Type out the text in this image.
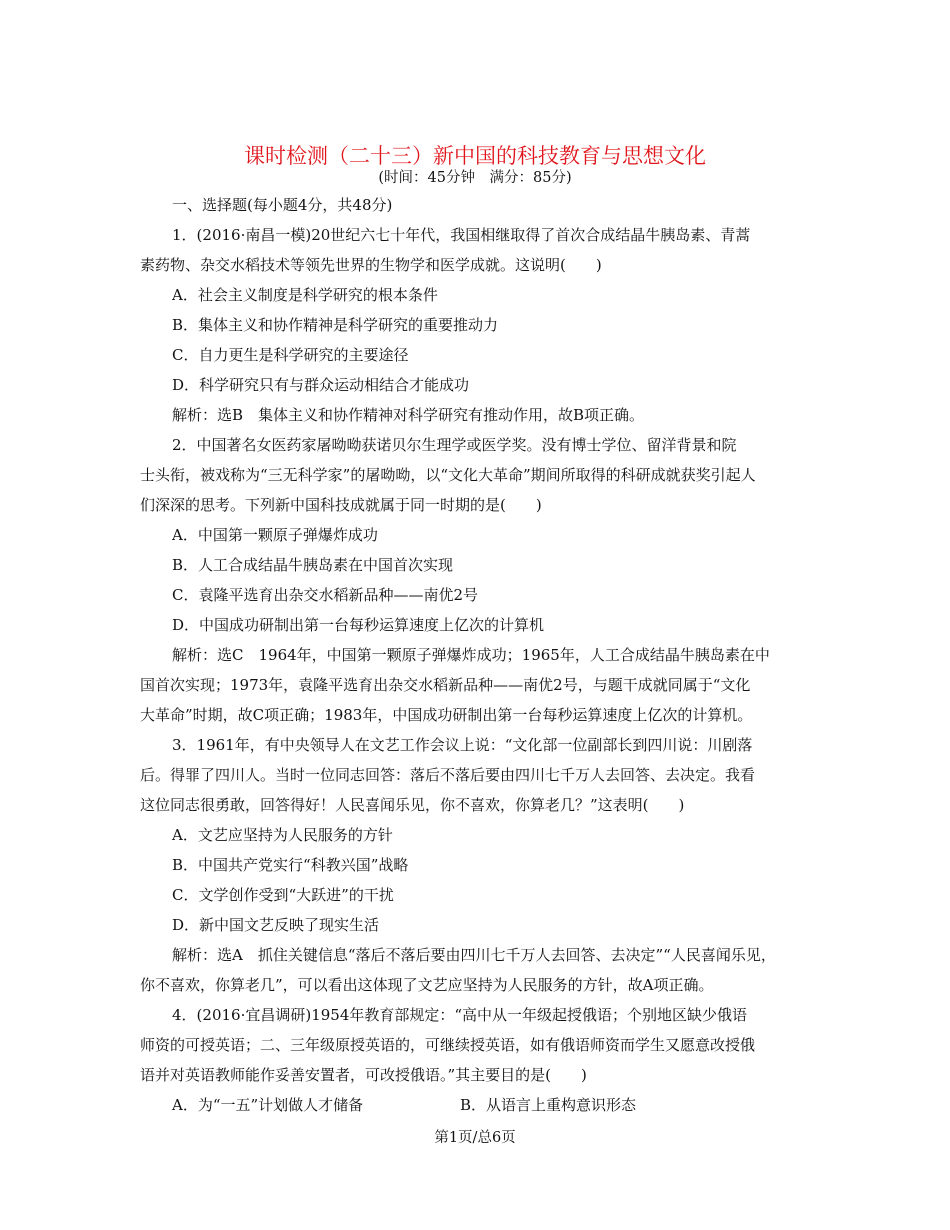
课时检测（二十三）新中国的科技教育与思想文化
(时间：45分钟　满分：85分)

一、选择题(每小题4分，共48分)

1．(2016·南昌一模)20世纪六七十年代，我国相继取得了首次合成结晶牛胰岛素、青蒿

素药物、杂交水稻技术等领先世界的生物学和医学成就。这说明(　　)

A．社会主义制度是科学研究的根本条件

B．集体主义和协作精神是科学研究的重要推动力

C．自力更生是科学研究的主要途径

D．科学研究只有与群众运动相结合才能成功

解析：选B　集体主义和协作精神对科学研究有推动作用，故B项正确。

2．中国著名女医药家屠呦呦获诺贝尔生理学或医学奖。没有博士学位、留洋背景和院

士头衔，被戏称为“三无科学家”的屠呦呦，以“文化大革命”期间所取得的科研成就获奖引起人

们深深的思考。下列新中国科技成就属于同一时期的是(　　)

A．中国第一颗原子弹爆炸成功

B．人工合成结晶牛胰岛素在中国首次实现

C．袁隆平选育出杂交水稻新品种——南优2号

D．中国成功研制出第一台每秒运算速度上亿次的计算机

解析：选C　1964年，中国第一颗原子弹爆炸成功；1965年，人工合成结晶牛胰岛素在中

国首次实现；1973年，袁隆平选育出杂交水稻新品种——南优2号，与题干成就同属于“文化

大革命”时期，故C项正确；1983年，中国成功研制出第一台每秒运算速度上亿次的计算机。

3．1961年，有中央领导人在文艺工作会议上说：“文化部一位副部长到四川说：川剧落

后。得罪了四川人。当时一位同志回答：落后不落后要由四川七千万人去回答、去决定。我看

这位同志很勇敢，回答得好！人民喜闻乐见，你不喜欢，你算老几？”这表明(　　)

A．文艺应坚持为人民服务的方针

B．中国共产党实行“科教兴国”战略

C．文学创作受到“大跃进”的干扰

D．新中国文艺反映了现实生活

解析：选A　抓住关键信息“落后不落后要由四川七千万人去回答、去决定”“人民喜闻乐见，

你不喜欢，你算老几”，可以看出这体现了文艺应坚持为人民服务的方针，故A项正确。

4．(2016·宜昌调研)1954年教育部规定：“高中从一年级起授俄语；个别地区缺少俄语

师资的可授英语；二、三年级原授英语的，可继续授英语，如有俄语师资而学生又愿意改授俄

语并对英语教师能作妥善安置者，可改授俄语。”其主要目的是(　　)

A．为“一五”计划做人才储备	B．从语言上重构意识形态

第1页/总6页
